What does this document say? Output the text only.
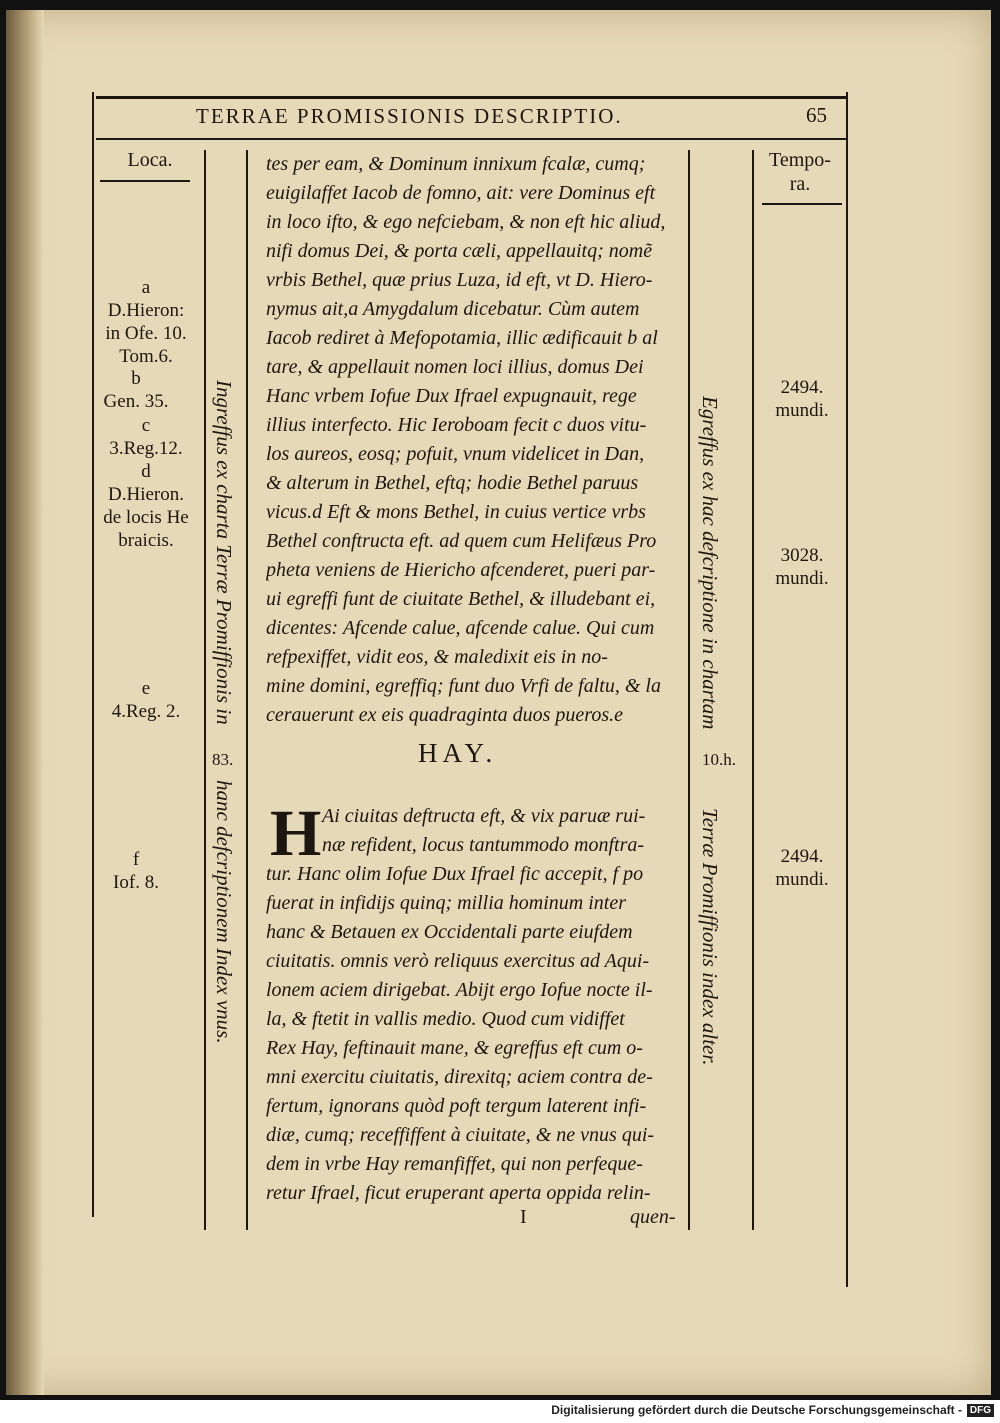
TERRAE PROMISSIONIS DESCRIPTIO.	65
Loca.
a
D.Hieron:
in Ofe. 10.
Tom.6.
b
Gen. 35.
c
3.Reg.12.
d
D.Hieron.
de locis He
braicis.
e
4.Reg. 2.
f
Iof. 8.
Tempo-
ra.
2494.
mundi.
3028.
mundi.
2494.
mundi.
Ingreffus ex charta Terræ Promiffionis in
83.
hanc defcriptionem Index vnus.
Egreffus ex hac defcriptione in chartam
10.h.
Terræ Promiffionis index alter.
tes per eam, & Dominum innixum fcalæ, cumq;
euigilaffet Iacob de fomno, ait: vere Dominus eft
in loco ifto, & ego nefciebam, & non eft hic aliud,
nifi domus Dei, & porta cæli, appellauitq; nomẽ
vrbis Bethel, quæ prius Luza, id eft, vt D. Hiero-
nymus ait,a Amygdalum dicebatur. Cùm autem
Iacob rediret à Mefopotamia, illic ædificauit b al
tare, & appellauit nomen loci illius, domus Dei
Hanc vrbem Iofue Dux Ifrael expugnauit, rege
illius interfecto. Hic Ieroboam fecit c duos vitu-
los aureos, eosq; pofuit, vnum videlicet in Dan,
& alterum in Bethel, eftq; hodie Bethel paruus
vicus.d Eft & mons Bethel, in cuius vertice vrbs
Bethel conftructa eft. ad quem cum Helifæus Pro
pheta veniens de Hiericho afcenderet, pueri par-
ui egreffi funt de ciuitate Bethel, & illudebant ei,
dicentes: Afcende calue, afcende calue. Qui cum
refpexiffet, vidit eos, & maledixit eis in no-
mine domini, egreffiq; funt duo Vrfi de faltu, & la
cerauerunt ex eis quadraginta duos pueros.e
HAY.
H Ai ciuitas deftructa eft, & vix paruæ rui-
næ refident, locus tantummodo monftra-
tur. Hanc olim Iofue Dux Ifrael fic accepit, f po
fuerat in infidijs quinq; millia hominum inter
hanc & Betauen ex Occidentali parte eiufdem
ciuitatis. omnis verò reliquus exercitus ad Aqui-
lonem aciem dirigebat. Abijt ergo Iofue nocte il-
la, & ftetit in vallis medio. Quod cum vidiffet
Rex Hay, feftinauit mane, & egreffus eft cum o-
mni exercitu ciuitatis, direxitq; aciem contra de-
fertum, ignorans quòd poft tergum laterent infi-
diæ, cumq; receffiffent à ciuitate, & ne vnus qui-
dem in vrbe Hay remanfiffet, qui non perfeque-
retur Ifrael, ficut eruperant aperta oppida relin-
I	quen-
Digitalisierung gefördert durch die Deutsche Forschungsgemeinschaft - DFG
